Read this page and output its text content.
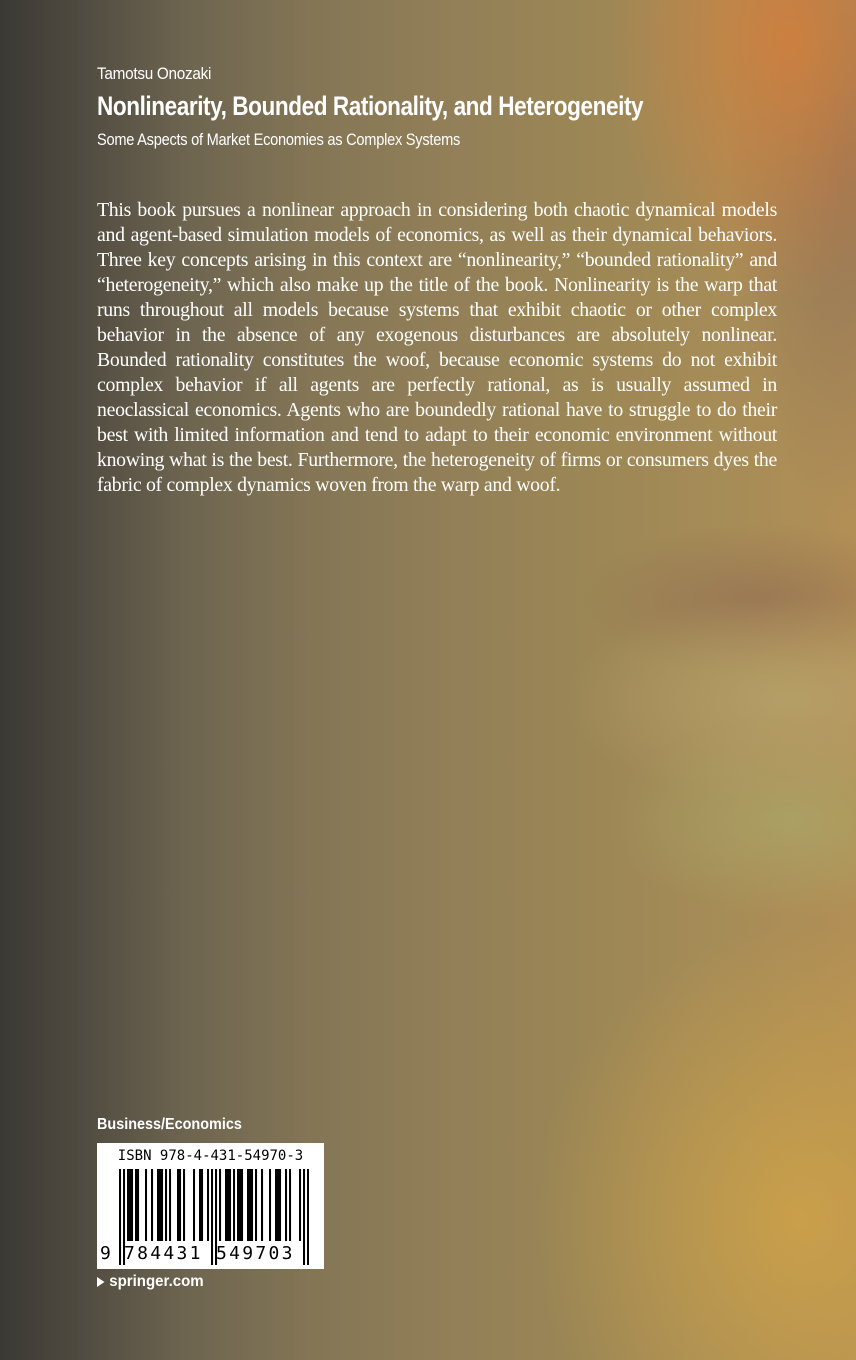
Tamotsu Onozaki
Nonlinearity, Bounded Rationality, and Heterogeneity
Some Aspects of Market Economies as Complex Systems

This book pursues a nonlinear approach in considering both chaotic dynamical models and agent-based simulation models of economics, as well as their dynamical behaviors. Three key concepts arising in this context are “nonlinearity,” “bounded rationality” and “heterogeneity,” which also make up the title of the book. Nonlinearity is the warp that runs throughout all models because systems that exhibit chaotic or other complex behavior in the absence of any exogenous disturbances are absolutely nonlinear. Bounded rationality constitutes the woof, because economic systems do not exhibit complex behavior if all agents are perfectly rational, as is usually assumed in neoclassical economics. Agents who are boundedly rational have to struggle to do their best with limited information and tend to adapt to their economic environment without knowing what is the best. Furthermore, the heterogeneity of firms or consumers dyes the fabric of complex dynamics woven from the warp and woof.

Business/Economics
ISBN 978-4-431-54970-3
9 784431 549703
springer.com
